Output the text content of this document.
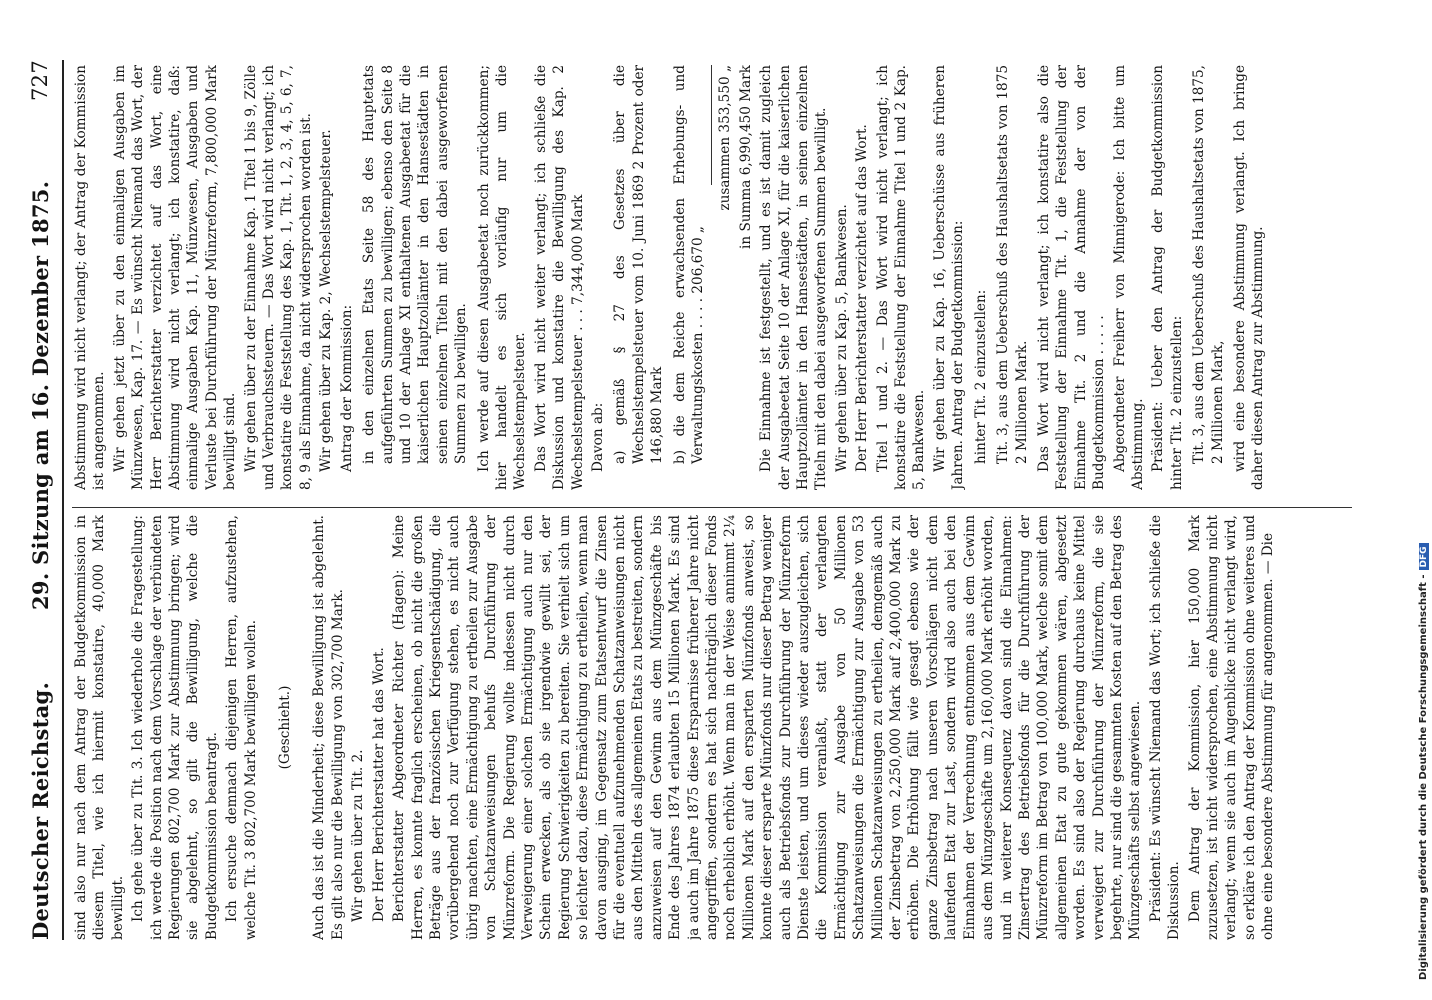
Deutscher Reichstag.
29. Sitzung am 16. Dezember 1875.
727

sind also nur nach dem Antrag der Budgetkommission in diesem Titel, wie ich hiermit konstatire, 40,000 Mark bewilligt. Ich gehe über zu Tit. 3. Ich wiederhole die Fragestellung: ich werde die Position nach dem Vorschlage der verbündeten Regierungen 802,700 Mark zur Abstimmung bringen; wird sie abgelehnt, so gilt die Bewilligung, welche die Budgetkommission beantragt. Ich ersuche demnach diejenigen Herren, aufzustehen, welche Tit. 3 802,700 Mark bewilligen wollen. (Geschieht.) Auch das ist die Minderheit; diese Bewilligung ist abgelehnt. Es gilt also nur die Bewilligung von 302,700 Mark. Wir gehen über zu Tit. 2. Der Herr Berichterstatter hat das Wort. Berichterstatter Abgeordneter Richter (Hagen): Meine Herren, es konnte fraglich erscheinen, ob nicht die großen Beträge aus der französischen Kriegsentschädigung, die vorübergehend noch zur Verfügung stehen, es nicht auch übrig machten, eine Ermächtigung zu ertheilen zur Ausgabe von Schatzanweisungen behufs Durchführung der Münzreform. Die Regierung wollte indessen nicht durch Verweigerung einer solchen Ermächtigung auch nur den Schein erwecken, als ob sie irgendwie gewillt sei, der Regierung Schwierigkeiten zu bereiten. Sie verhielt sich um so leichter dazu, diese Ermächtigung zu ertheilen, wenn man davon ausging, im Gegensatz zum Etatsentwurf die Zinsen für die eventuell aufzunehmenden Schatzanweisungen nicht aus den Mitteln des allgemeinen Etats zu bestreiten, sondern anzuweisen auf den Gewinn aus dem Münzgeschäfte bis Ende des Jahres 1874 erlaubten 15 Millionen Mark. Es sind ja auch im Jahre 1875 diese Ersparnisse früherer Jahre nicht angegriffen, sondern es hat sich nachträglich dieser Fonds noch erheblich erhöht. Wenn man in der Weise annimmt 2¼ Millionen Mark auf den ersparten Münzfonds anweist, so konnte dieser ersparte Münzfonds nur dieser Betrag weniger auch als Betriebsfonds zur Durchführung der Münzreform Dienste leisten, und um dieses wieder auszugleichen, sich die Kommission veranlaßt, statt der verlangten Ermächtigung zur Ausgabe von 50 Millionen Schatzanweisungen die Ermächtigung zur Ausgabe von 53 Millionen Schatzanweisungen zu ertheilen, demgemäß auch der Zinsbetrag von 2,250,000 Mark auf 2,400,000 Mark zu erhöhen. Die Erhöhung fällt wie gesagt ebenso wie der ganze Zinsbetrag nach unseren Vorschlägen nicht dem laufenden Etat zur Last, sondern wird also auch bei den Einnahmen der Verrechnung entnommen aus dem Gewinn aus dem Münzgeschäfte um 2,160,000 Mark erhöht worden, und in weiterer Konsequenz davon sind die Einnahmen: Zinsertrag des Betriebsfonds für die Durchführung der Münzreform im Betrag von 100,000 Mark, welche somit dem allgemeinen Etat zu gute gekommen wären, abgesetzt worden. Es sind also der Regierung durchaus keine Mittel verweigert zur Durchführung der Münzreform, die sie begehrte, nur sind die gesammten Kosten auf den Betrag des Münzgeschäfts selbst angewiesen. Präsident: Es wünscht Niemand das Wort; ich schließe die Diskussion. Dem Antrag der Kommission, hier 150,000 Mark zuzusetzen, ist nicht widersprochen, eine Abstimmung nicht verlangt; wenn sie auch im Augenblicke nicht verlangt wird, so erkläre ich den Antrag der Kommission ohne weiteres und ohne eine besondere Abstimmung für angenommen. — Die

Abstimmung wird nicht verlangt; der Antrag der Kommission ist angenommen. Wir gehen jetzt über zu den einmaligen Ausgaben im Münzwesen, Kap. 17. — Es wünscht Niemand das Wort, der Herr Berichterstatter verzichtet auf das Wort, eine Abstimmung wird nicht verlangt; ich konstatire, daß: einmalige Ausgaben Kap. 11, Münzwesen, Ausgaben und Verluste bei Durchführung der Münzreform, 7,800,000 Mark bewilligt sind. Wir gehen über zu der Einnahme Kap. 1 Titel 1 bis 9, Zölle und Verbrauchssteuern. — Das Wort wird nicht verlangt; ich konstatire die Feststellung des Kap. 1, Tit. 1, 2, 3, 4, 5, 6, 7, 8, 9 als Einnahme, da nicht widersprochen worden ist. Wir gehen über zu Kap. 2, Wechselstempelsteuer. Antrag der Kommission: in den einzelnen Etats Seite 58 des Hauptetats aufgeführten Summen zu bewilligen; ebenso den Seite 8 und 10 der Anlage XI enthaltenen Ausgabeetat für die kaiserlichen Hauptzollämter in den Hansestädten in seinen einzelnen Titeln mit den dabei ausgeworfenen Summen zu bewilligen. Ich werde auf diesen Ausgabeetat noch zurückkommen; hier handelt es sich vorläufig nur um die Wechselstempelsteuer. Das Wort wird nicht weiter verlangt; ich schließe die Diskussion und konstatire die Bewilligung des Kap. 2 Wechselstempelsteuer . . . 7,344,000 Mark Davon ab: a) gemäß § 27 des Gesetzes über die Wechselstempelsteuer vom 10. Juni 1869 2 Prozent oder 146,880 Mark b) die dem Reiche erwachsenden Erhebungs- und Verwaltungskosten . . . . 206,670 „

zusammen 353,550 „ in Summa 6,990,450 Mark Die Einnahme ist festgestellt, und es ist damit zugleich der Ausgabeetat Seite 10 der Anlage XI, für die kaiserlichen Hauptzollämter in den Hansestädten, in seinen einzelnen Titeln mit den dabei ausgeworfenen Summen bewilligt. Wir gehen über zu Kap. 5, Bankwesen. Der Herr Berichterstatter verzichtet auf das Wort. Titel 1 und 2. — Das Wort wird nicht verlangt; ich konstatire die Feststellung der Einnahme Titel 1 und 2 Kap. 5, Bankwesen. Wir gehen über zu Kap. 16, Ueberschüsse aus früheren Jahren. Antrag der Budgetkommission: hinter Tit. 2 einzustellen: Tit. 3, aus dem Ueberschuß des Haushaltsetats von 1875 2 Millionen Mark. Das Wort wird nicht verlangt; ich konstatire also die Feststellung der Einnahme Tit. 1, die Feststellung der Einnahme Tit. 2 und die Annahme der von der Budgetkommission . . . . . Abgeordneter Freiherr von Minnigerode: Ich bitte um Abstimmung. Präsident: Ueber den Antrag der Budgetkommission hinter Tit. 2 einzustellen: Tit. 3, aus dem Ueberschuß des Haushaltsetats von 1875, 2 Millionen Mark, wird eine besondere Abstimmung verlangt. Ich bringe daher diesen Antrag zur Abstimmung.

Digitalisierung gefördert durch die Deutsche Forschungsgemeinschaft -DFG
